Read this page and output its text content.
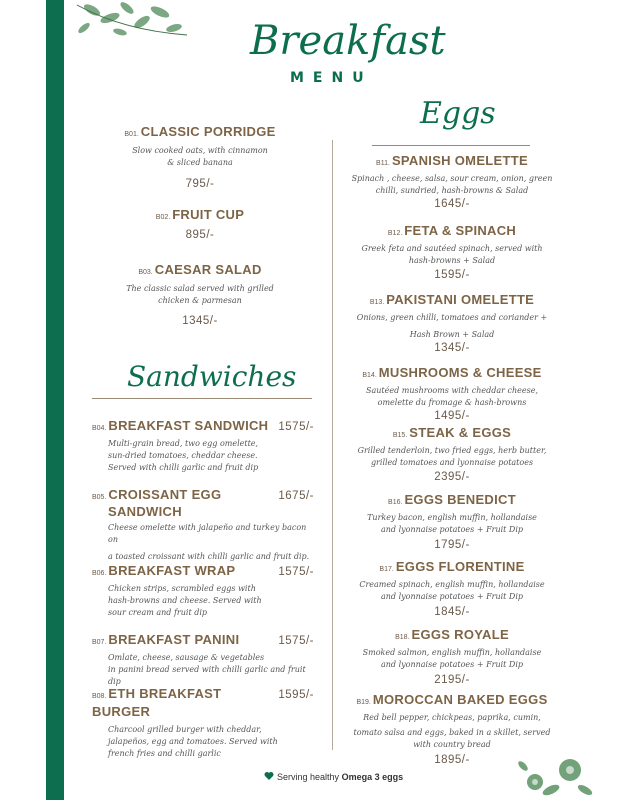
Breakfast
MENU
Eggs
Sandwiches
B01. CLASSIC PORRIDGE
Slow cooked oats, with cinnamon
& sliced banana
795/-
B02. FRUIT CUP
895/-
B03. CAESAR SALAD
The classic salad served with grilled
chicken & parmesan
1345/-
B04. BREAKFAST SANDWICH 1575/-
Multi-grain bread, two egg omelette,
sun-dried tomatoes, cheddar cheese.
Served with chilli garlic and fruit dip
B05. CROISSANT EGG	1675/-
SANDWICH
Cheese omelette with jalapeño and turkey bacon on
a toasted croissant with chilli garlic and fruit dip.
B06. BREAKFAST WRAP	1575/-
Chicken strips, scrambled eggs with
hash-browns and cheese. Served with
sour cream and fruit dip
B07. BREAKFAST PANINI	1575/-
Omlate, cheese, sausage & vegetables
in panini bread served with chilli garlic and fruit dip
B08. ETH BREAKFAST BURGER
1595/-
Charcool grilled burger with cheddar,
jalapeños, egg and tomatoes. Served with
french fries and chilli garlic
B11. SPANISH OMELETTE
Spinach , cheese, salsa, sour cream, onion, green
chilli, sundried, hash-browns & Salad
1645/-
B12. FETA & SPINACH
Greek feta and sautéed spinach, served with
hash-browns + Salad
1595/-
B13. PAKISTANI OMELETTE
Onions, green chilli, tomatoes and coriander +
Hash Brown + Salad
1345/-
B14. MUSHROOMS & CHEESE
Sautéed mushrooms with cheddar cheese,
omelette du fromage & hash-browns
1495/-
B15. STEAK & EGGS
Grilled tenderloin, two fried eggs, herb butter,
grilled tomatoes and lyonnaise potatoes
2395/-
B16. EGGS BENEDICT
Turkey bacon, english muffin, hollandaise
and lyonnaise potatoes + Fruit Dip
1795/-
B17. EGGS FLORENTINE
Creamed spinach, english muffin, hollandaise
and lyonnaise potatoes + Fruit Dip
1845/-
B18. EGGS ROYALE
Smoked salmon, english muffin, hollandaise
and lyonnaise potatoes + Fruit Dip
2195/-
B19. MOROCCAN BAKED EGGS
Red bell pepper, chickpeas, paprika, cumin,
tomato salsa and eggs, baked in a skillet, served
with country bread
1895/-
Serving healthy Omega 3 eggs
